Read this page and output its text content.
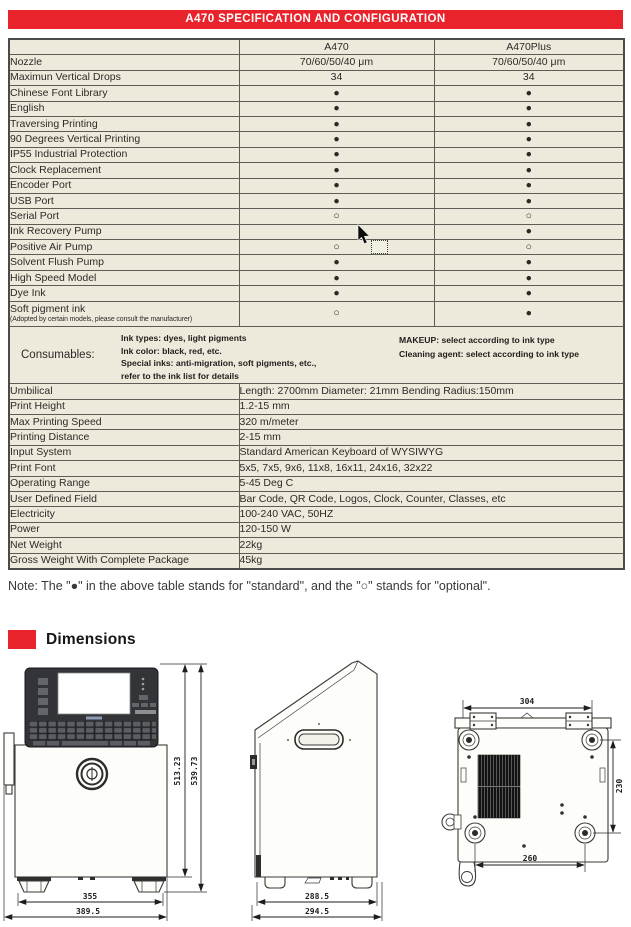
A470 SPECIFICATION AND CONFIGURATION
	A470	A470Plus

Nozzle	70/60/50/40 μm	70/60/50/40 μm

Maximun Vertical Drops	34	34

Chinese Font Library	●	●

English	●	●

Traversing Printing	●	●

90 Degrees Vertical Printing	●	●

IP55 Industrial Protection	●	●

Clock Replacement	●	●

Encoder Port	●	●

USB Port	●	●

Serial Port	○	○

Ink Recovery Pump		●

Positive Air Pump	○	○

Solvent Flush Pump	●	●

High Speed Model	●	●

Dye Ink	●	●

Soft pigment ink
(Adopted by certain models, please consult the manufacturer)	○	●

Consumables:
Ink types: dyes, light pigments
Ink color: black, red, etc.
Special inks: anti-migration, soft pigments, etc.,
refer to the ink list for details
MAKEUP: select according to ink type
Cleaning agent: select according to ink type

Umbilical	Length: 2700mm Diameter: 21mm Bending Radius:150mm	

Print Height	1.2-15 mm	

Max Printing Speed	320 m/meter	

Printing Distance	2-15 mm	

Input System	Standard American Keyboard of WYSIWYG	

Print Font	5x5, 7x5, 9x6, 11x8, 16x11, 24x16, 32x22	

Operating Range	5-45 Deg C	

User Defined Field	Bar Code, QR Code, Logos, Clock, Counter, Classes, etc	

Electricity	100-240 VAC, 50HZ	

Power	120-150 W	

Net Weight	22kg	

Gross Weight With Complete Package	45kg	
Note: The "●" in the above table stands for "standard", and the "○" stands for "optional".
Dimensions
513.23 539.73
355
389.5
288.5
294.5
304
230
260
